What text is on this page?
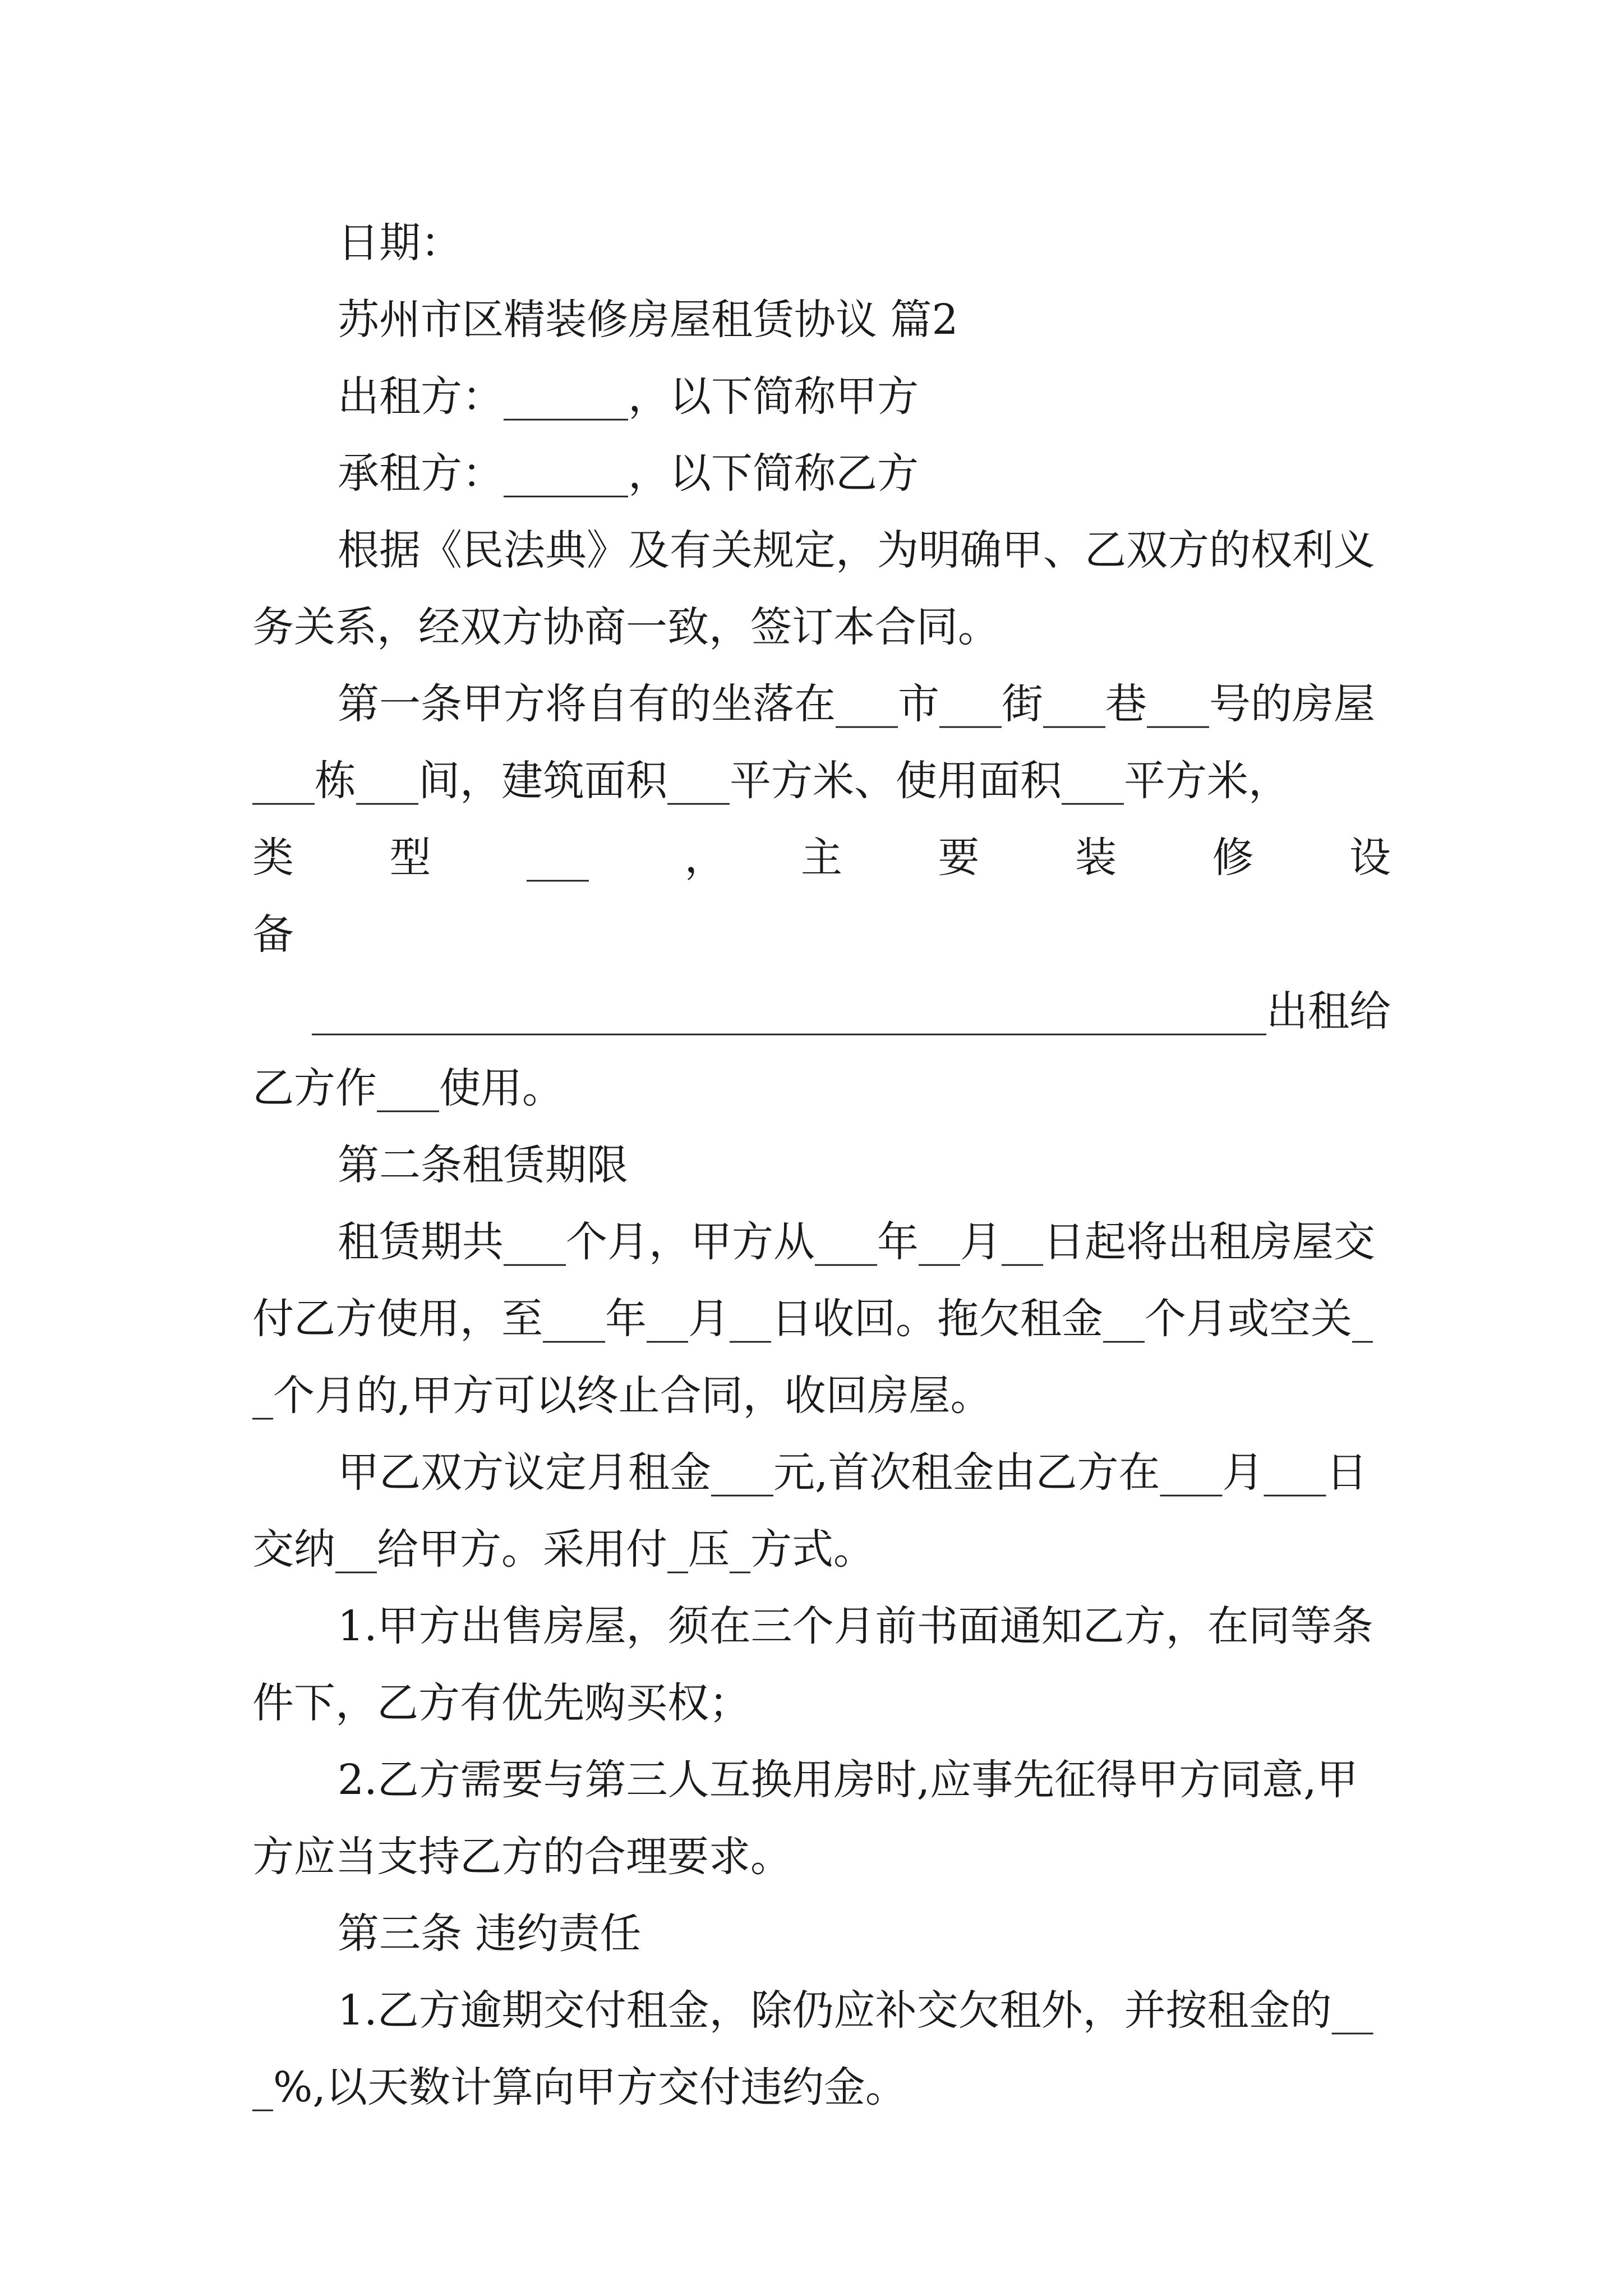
日期：

苏州市区精装修房屋租赁协议 篇2

出租方：______，以下简称甲方

承租方：______，以下简称乙方

根据《民法典》及有关规定，为明确甲、乙双方的权利义务关系，经双方协商一致，签订本合同。

第一条甲方将自有的坐落在___市___街___巷___号的房屋___栋___间，建筑面积___平方米、使用面积___平方米，

类　　型　　___　　，　　主　　要　　装　　修　　设　　备

______________________________________________出租给

乙方作___使用。

第二条租赁期限

租赁期共___个月，甲方从___年__月__日起将出租房屋交付乙方使用，至___年__月__日收回。拖欠租金__个月或空关__个月的,甲方可以终止合同，收回房屋。

甲乙双方议定月租金___元,首次租金由乙方在___月___日交纳__给甲方。采用付_压_方式。

1.甲方出售房屋，须在三个月前书面通知乙方，在同等条件下，乙方有优先购买权；

2.乙方需要与第三人互换用房时,应事先征得甲方同意,甲方应当支持乙方的合理要求。

第三条 违约责任

1.乙方逾期交付租金，除仍应补交欠租外，并按租金的___%,以天数计算向甲方交付违约金。
